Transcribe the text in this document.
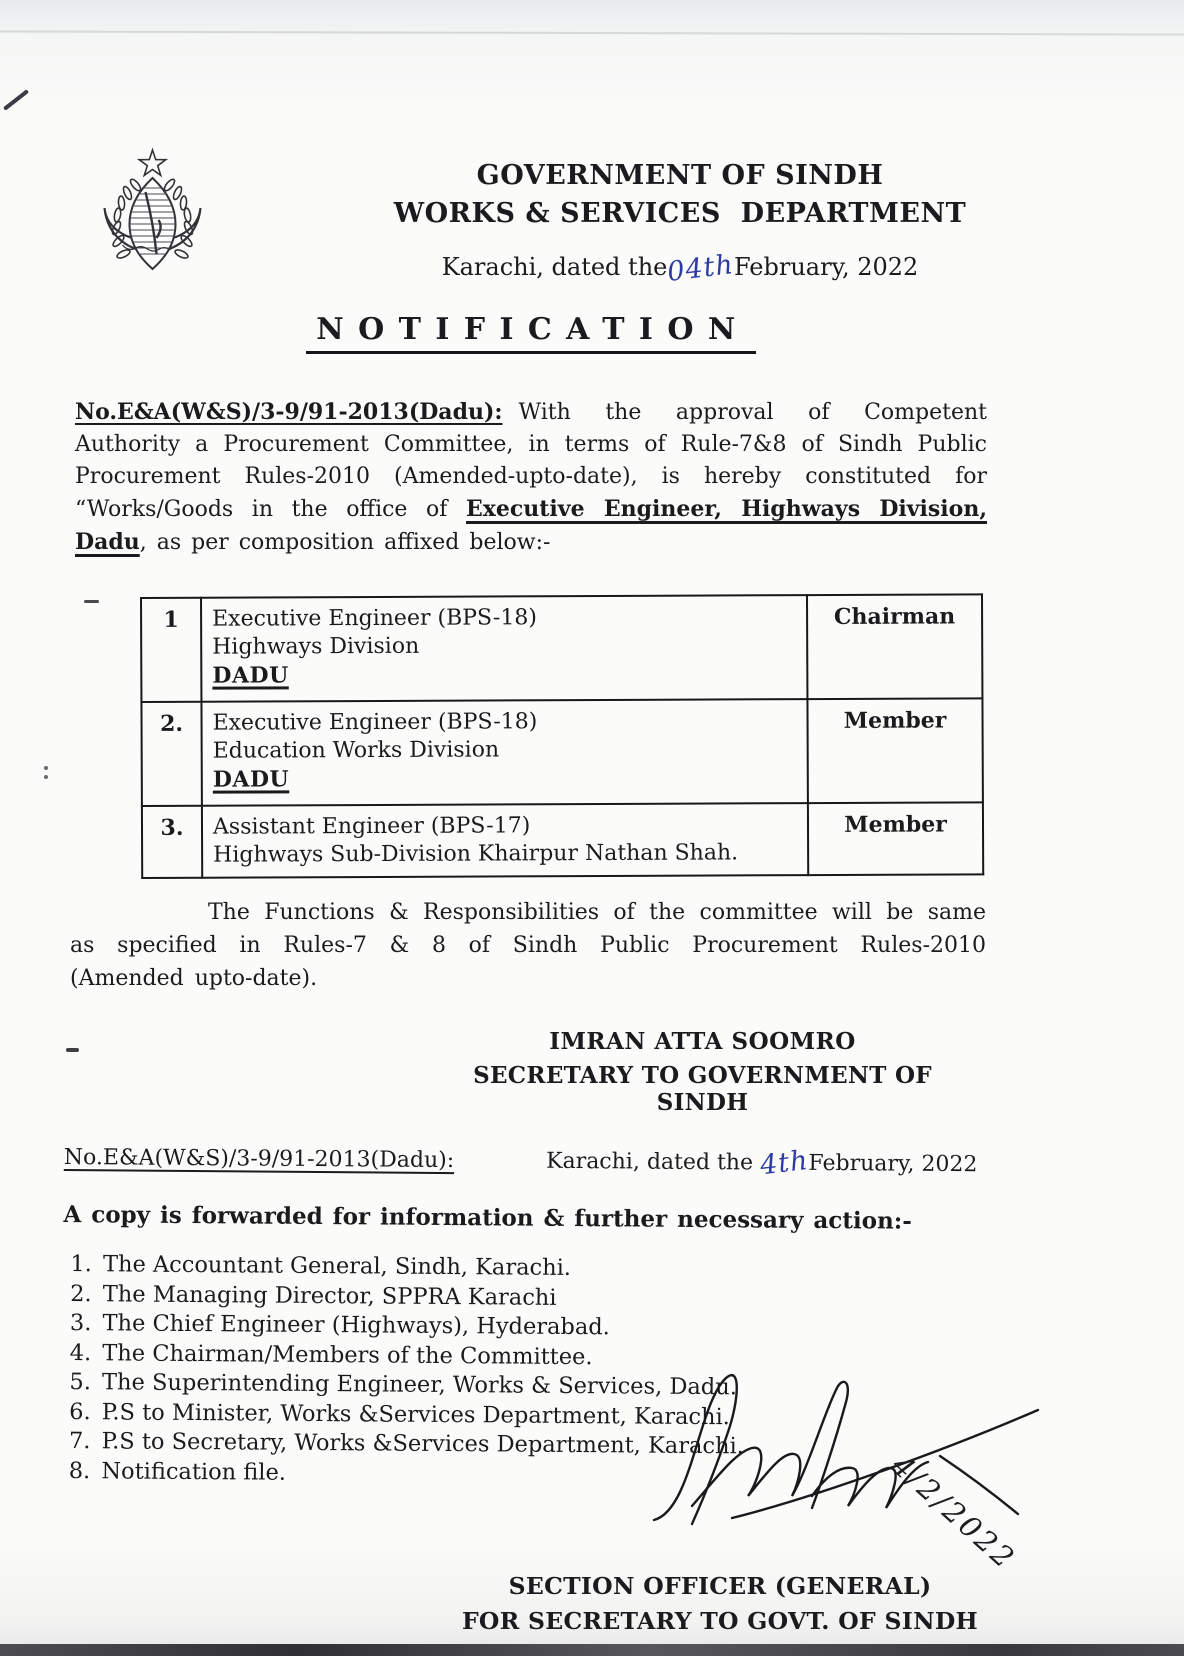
GOVERNMENT OF SINDH
WORKS & SERVICES  DEPARTMENT
Karachi, dated the04thFebruary, 2022
NOTIFICATION

No.E&A(W&S)/3-9/91-2013(Dadu): With the approval of Competent Authority a Procurement Committee, in terms of Rule-7&8 of Sindh Public Procurement Rules-2010 (Amended-upto-date), is hereby constituted for “Works/Goods in the office of Executive Engineer, Highways Division, Dadu, as per composition affixed below:-

1	Executive Engineer (BPS-18)
Highways Division
DADU	Chairman
2.	Executive Engineer (BPS-18)
Education Works Division
DADU	Member
3.	Assistant Engineer (BPS-17)
Highways Sub-Division Khairpur Nathan Shah.	Member

The Functions & Responsibilities of the committee will be same as specified in Rules-7 & 8 of Sindh Public Procurement Rules-2010 (Amended upto-date).

IMRAN ATTA SOOMRO
SECRETARY TO GOVERNMENT OF SINDH
No.E&A(W&S)/3-9/91-2013(Dadu):	Karachi, dated the 4thFebruary, 2022
A copy is forwarded for information & further necessary action:-
1. The Accountant General, Sindh, Karachi.
2. The Managing Director, SPPRA Karachi
3. The Chief Engineer (Highways), Hyderabad.
4. The Chairman/Members of the Committee.
5. The Superintending Engineer, Works & Services, Dadu.
6. P.S to Minister, Works &Services Department, Karachi.
7. P.S to Secretary, Works &Services Department, Karachi.
8. Notification file.	4/2/2022
SECTION OFFICER (GENERAL)
FOR SECRETARY TO GOVT. OF SINDH
